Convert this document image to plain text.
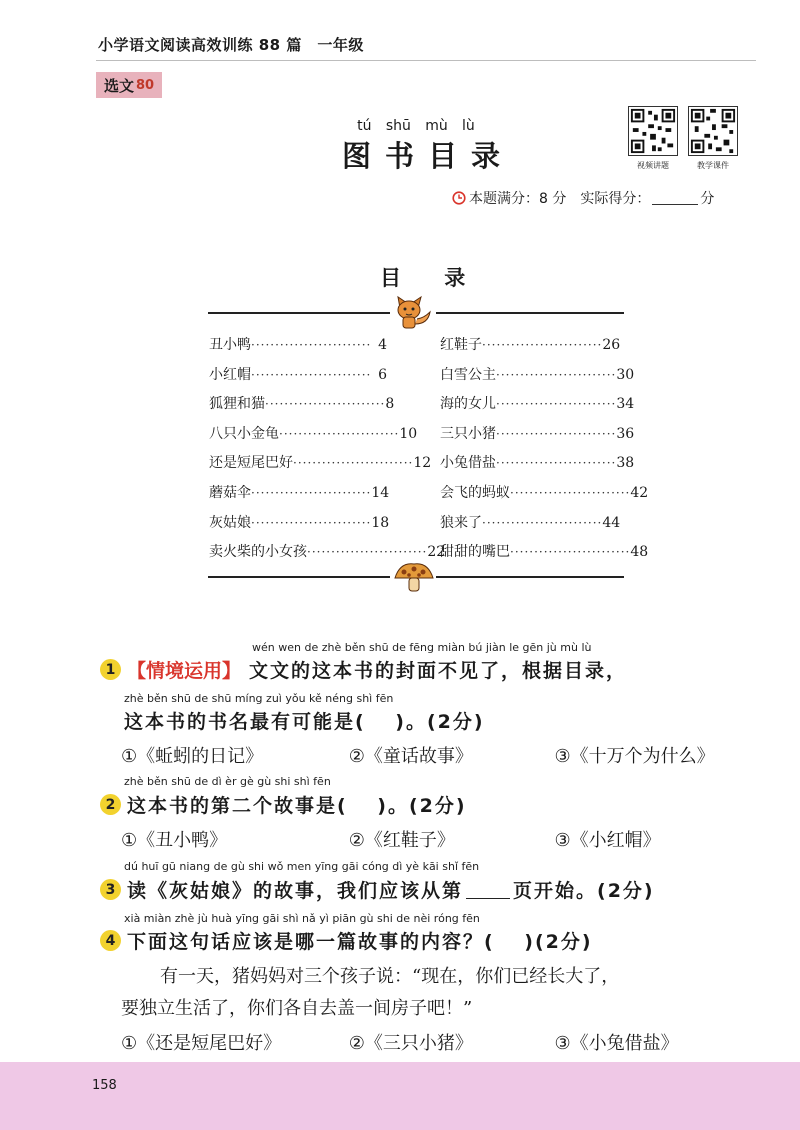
小学语文阅读高效训练 88 篇　一年级
选文 80
tú shū mù lù
图书目录	视频讲题	教学课件
本题满分：8 分 实际得分：	分
目 录
丑小鸭 ························· 4
小红帽 ························· 6
狐狸和猫 ························· 8
八只小金龟 ························· 10
还是短尾巴好 ························· 12
蘑菇伞 ························· 14
灰姑娘 ························· 18
卖火柴的小女孩 ························· 22
红鞋子 ························· 26
白雪公主 ························· 30
海的女儿 ························· 34
三只小猪 ························· 36
小兔借盐 ························· 38
会飞的蚂蚁 ························· 42
狼来了 ························· 44
甜甜的嘴巴 ························· 48
wén wen de zhè běn shū de fēng miàn bú jiàn le gēn jù mù lù
1 【情境运用】 文文的这本书的封面不见了，根据目录，
zhè běn shū de shū míng zuì yǒu kě néng shì fēn
这本书的书名最有可能是(　 )。(2分)
①《蚯蚓的日记》	②《童话故事》	③《十万个为什么》
zhè běn shū de dì èr gè gù shi shì fēn
2 这本书的第二个故事是(　 )。(2分)
①《丑小鸭》	②《红鞋子》	③《小红帽》
dú huī gū niang de gù shi wǒ men yīng gāi cóng dì yè kāi shǐ fēn
3 读《灰姑娘》的故事，我们应该从第	页开始。(2分)
xià miàn zhè jù huà yīng gāi shì nǎ yì piān gù shi de nèi róng fēn
4 下面这句话应该是哪一篇故事的内容？(　 )(2分)
有一天，猪妈妈对三个孩子说：“现在，你们已经长大了，
要独立生活了，你们各自去盖一间房子吧！”
①《还是短尾巴好》	②《三只小猪》	③《小兔借盐》
158
